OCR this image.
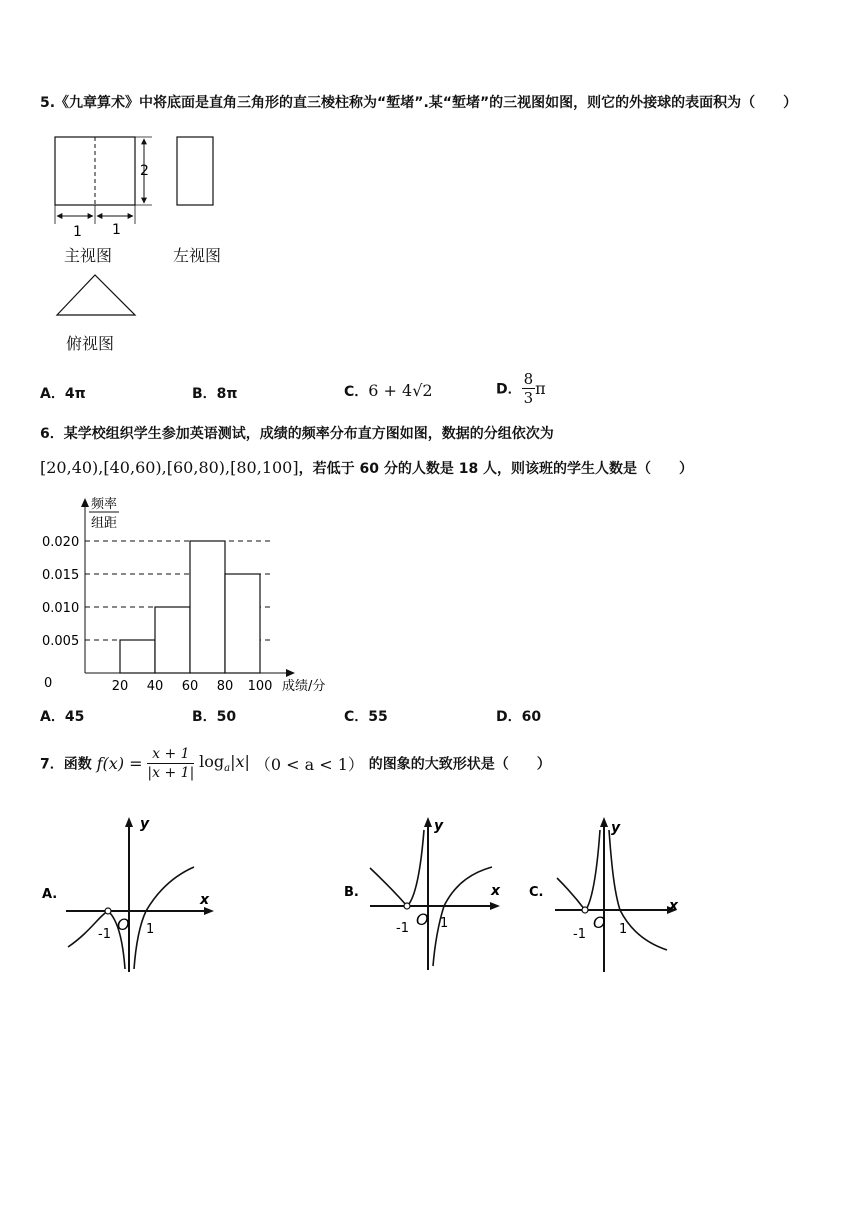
5.《九章算术》中将底面是直角三角形的直三棱柱称为“堑堵”.某“堑堵”的三视图如图，则它的外接球的表面积为（　　）
2
1 1
主视图	左视图
俯视图
A．4π	B．8π	C．6 + 4√2	D． $\frac{8}{3}$ π
6．某学校组织学生参加英语测试，成绩的频率分布直方图如图，数据的分组依次为
[20,40),[40,60),[60,80),[80,100]，若低于 60 分的人数是 18 人，则该班的学生人数是（　　）
0.005
0.010
0.015
0.020
20 40 60 80 100
频率
组距
0	成绩/分
A．45	B．50	C．55	D．60
7．函数 $f(x) = \frac{x + 1}{|x + 1|} \log_a|x|$ （0 < a < 1） 的图象的大致形状是（　　）
A.
y
x
O
-1	1
B.
y
x
O
-1 1
C.
y
x
O
-1	1
